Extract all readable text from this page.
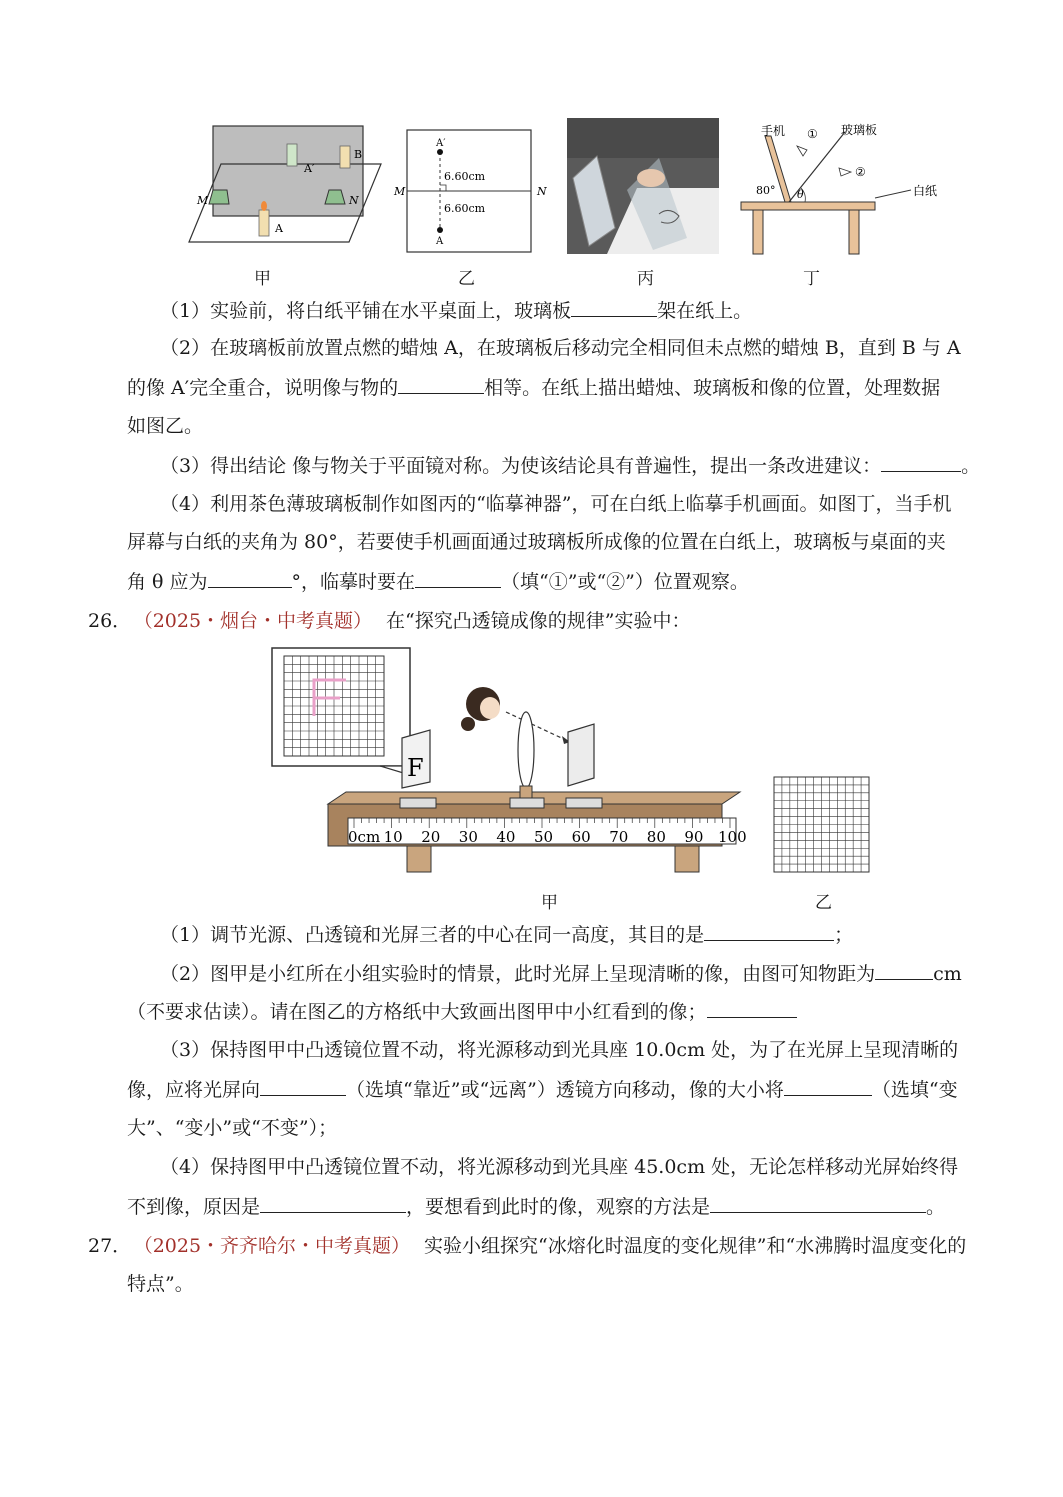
A′
B
M	N
A
甲
A′
6.60cm
6.60cm
M	N
A
乙	丙
手机 ① 玻璃板
②
80° θ	白纸
丁
（1）实验前，将白纸平铺在水平桌面上，玻璃板	架在纸上。
（2）在玻璃板前放置点燃的蜡烛 A，在玻璃板后移动完全相同但未点燃的蜡烛 B，直到 B 与 A
的像 A′完全重合，说明像与物的	相等。在纸上描出蜡烛、玻璃板和像的位置，处理数据
如图乙。
（3）得出结论 像与物关于平面镜对称。为使该结论具有普遍性，提出一条改进建议：	。
（4）利用茶色薄玻璃板制作如图丙的“临摹神器”，可在白纸上临摹手机画面。如图丁，当手机
屏幕与白纸的夹角为 80°，若要使手机画面通过玻璃板所成像的位置在白纸上，玻璃板与桌面的夹
角 θ 应为	°，临摹时要在	（填“①”或“②”）位置观察。
26． （2025・烟台・中考真题） 在“探究凸透镜成像的规律”实验中：
0cm 10 20 30 40 50 60 70 80 90 100
F
甲	乙
（1）调节光源、凸透镜和光屏三者的中心在同一高度，其目的是	；
（2）图甲是小红所在小组实验时的情景，此时光屏上呈现清晰的像，由图可知物距为	cm
（不要求估读）。请在图乙的方格纸中大致画出图甲中小红看到的像；
（3）保持图甲中凸透镜位置不动，将光源移动到光具座 10.0cm 处，为了在光屏上呈现清晰的
像，应将光屏向	（选填“靠近”或“远离”）透镜方向移动，像的大小将	（选填“变
大”、“变小”或“不变”）；
（4）保持图甲中凸透镜位置不动，将光源移动到光具座 45.0cm 处，无论怎样移动光屏始终得
不到像，原因是	，要想看到此时的像，观察的方法是	。
27． （2025・齐齐哈尔・中考真题） 实验小组探究“冰熔化时温度的变化规律”和“水沸腾时温度变化的
特点”。
